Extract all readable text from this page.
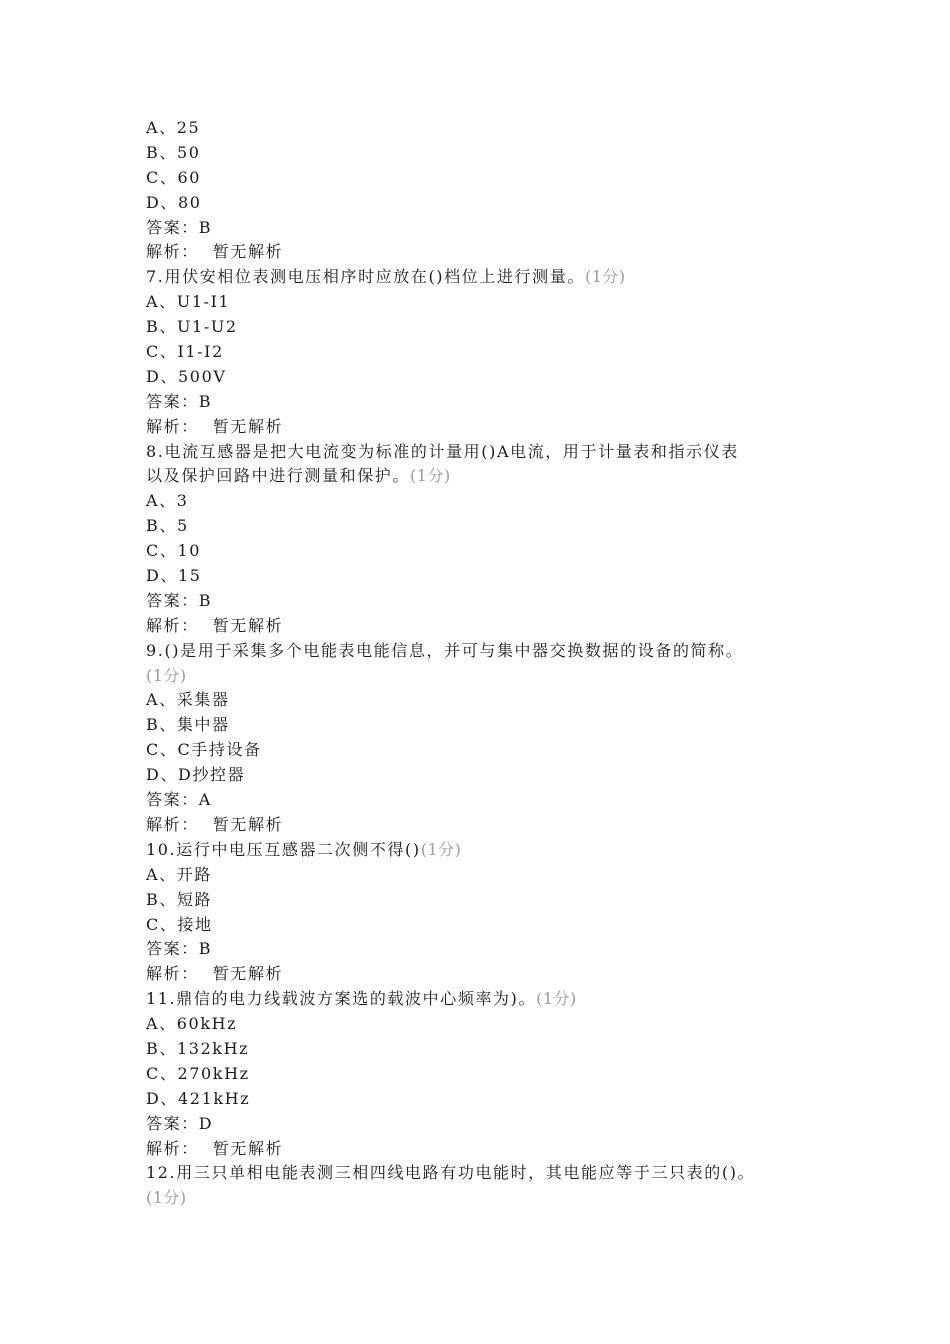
A、25
B、50
C、60
D、80
答案：B
解析： 暂无解析
7.用伏安相位表测电压相序时应放在()档位上进行测量。(1分)
A、U1-I1
B、U1-U2
C、I1-I2
D、500V
答案：B
解析： 暂无解析
8.电流互感器是把大电流变为标准的计量用()A电流，用于计量表和指示仪表
以及保护回路中进行测量和保护。(1分)
A、3
B、5
C、10
D、15
答案：B
解析： 暂无解析
9.()是用于采集多个电能表电能信息，并可与集中器交换数据的设备的简称。
(1分)
A、采集器
B、集中器
C、C手持设备
D、D抄控器
答案：A
解析： 暂无解析
10.运行中电压互感器二次侧不得()(1分)
A、开路
B、短路
C、接地
答案：B
解析： 暂无解析
11.鼎信的电力线载波方案选的载波中心频率为)。(1分)
A、60kHz
B、132kHz
C、270kHz
D、421kHz
答案：D
解析： 暂无解析
12.用三只单相电能表测三相四线电路有功电能时，其电能应等于三只表的()。
(1分)
